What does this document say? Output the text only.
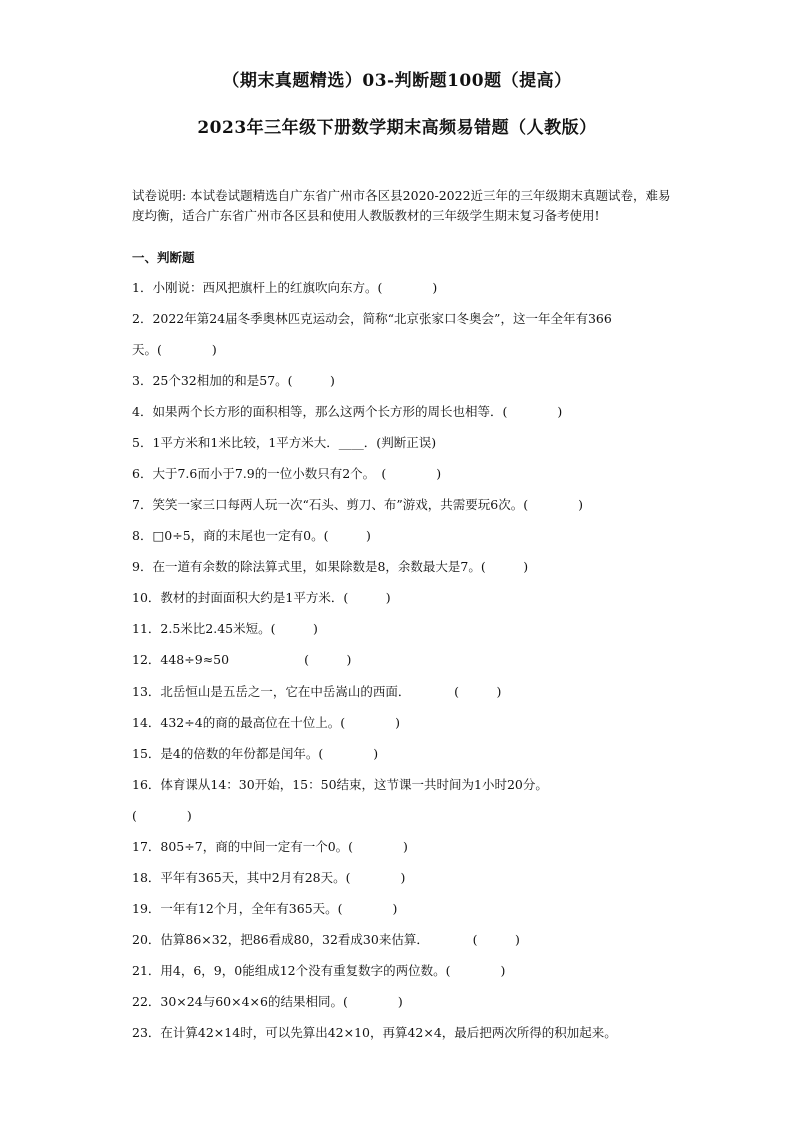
（期末真题精选）03-判断题100题（提高）
2023年三年级下册数学期末高频易错题（人教版）
试卷说明: 本试卷试题精选自广东省广州市各区县2020-2022近三年的三年级期末真题试卷，难易度均衡，适合广东省广州市各区县和使用人教版教材的三年级学生期末复习备考使用!
一、判断题
1．小刚说：西风把旗杆上的红旗吹向东方。(　　　　)
2．2022年第24届冬季奥林匹克运动会，简称“北京张家口冬奥会”，这一年全年有366
天。(　　　　)
3．25个32相加的和是57。(　　　)
4．如果两个长方形的面积相等，那么这两个长方形的周长也相等．(　　　　)
5．1平方米和1米比较，1平方米大．____．(判断正误)
6．大于7.6而小于7.9的一位小数只有2个。　(　　　　)
7．笑笑一家三口每两人玩一次“石头、剪刀、布”游戏，共需要玩6次。(　　　　)
8．□0÷5，商的末尾也一定有0。(　　　)
9．在一道有余数的除法算式里，如果除数是8，余数最大是7。(　　　)
10．教材的封面面积大约是1平方米．(　　　)
11．2.5米比2.45米短。(　　　)
12．448÷9≈50　　　　　　(　　　)
13．北岳恒山是五岳之一，它在中岳嵩山的西面．　　　　(　　　)
14．432÷4的商的最高位在十位上。(　　　　)
15．是4的倍数的年份都是闰年。(　　　　)
16．体育课从14：30开始，15：50结束，这节课一共时间为1小时20分。
(　　　　)
17．805÷7，商的中间一定有一个0。(　　　　)
18．平年有365天，其中2月有28天。(　　　　)
19．一年有12个月，全年有365天。(　　　　)
20．估算86×32，把86看成80，32看成30来估算．　　　　(　　　)
21．用4，6，9，0能组成12个没有重复数字的两位数。(　　　　)
22．30×24与60×4×6的结果相同。(　　　　)
23．在计算42×14时，可以先算出42×10，再算42×4，最后把两次所得的积加起来。
